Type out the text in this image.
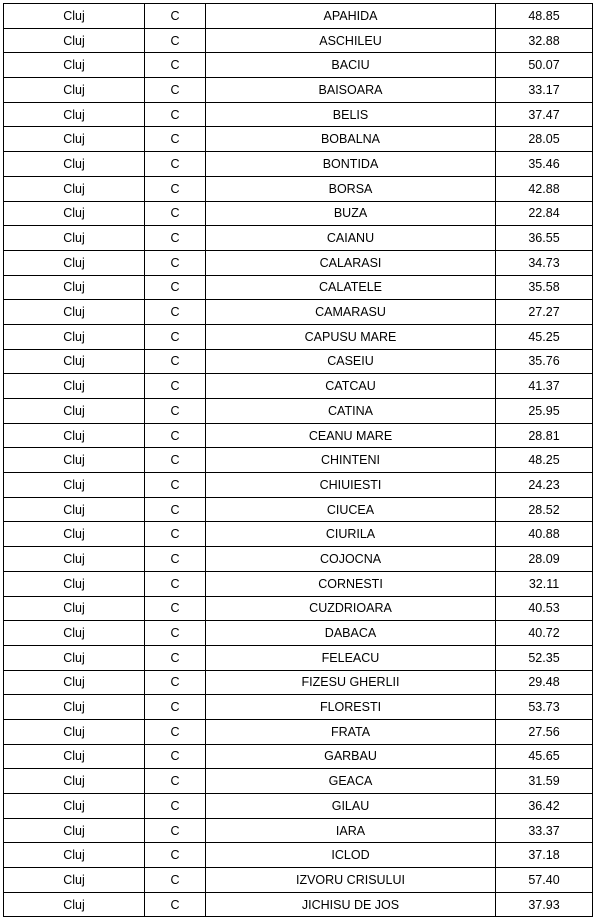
Cluj	C	APAHIDA	48.85
Cluj	C	ASCHILEU	32.88
Cluj	C	BACIU	50.07
Cluj	C	BAISOARA	33.17
Cluj	C	BELIS	37.47
Cluj	C	BOBALNA	28.05
Cluj	C	BONTIDA	35.46
Cluj	C	BORSA	42.88
Cluj	C	BUZA	22.84
Cluj	C	CAIANU	36.55
Cluj	C	CALARASI	34.73
Cluj	C	CALATELE	35.58
Cluj	C	CAMARASU	27.27
Cluj	C	CAPUSU MARE	45.25
Cluj	C	CASEIU	35.76
Cluj	C	CATCAU	41.37
Cluj	C	CATINA	25.95
Cluj	C	CEANU MARE	28.81
Cluj	C	CHINTENI	48.25
Cluj	C	CHIUIESTI	24.23
Cluj	C	CIUCEA	28.52
Cluj	C	CIURILA	40.88
Cluj	C	COJOCNA	28.09
Cluj	C	CORNESTI	32.11
Cluj	C	CUZDRIOARA	40.53
Cluj	C	DABACA	40.72
Cluj	C	FELEACU	52.35
Cluj	C	FIZESU GHERLII	29.48
Cluj	C	FLORESTI	53.73
Cluj	C	FRATA	27.56
Cluj	C	GARBAU	45.65
Cluj	C	GEACA	31.59
Cluj	C	GILAU	36.42
Cluj	C	IARA	33.37
Cluj	C	ICLOD	37.18
Cluj	C	IZVORU CRISULUI	57.40
Cluj	C	JICHISU DE JOS	37.93
